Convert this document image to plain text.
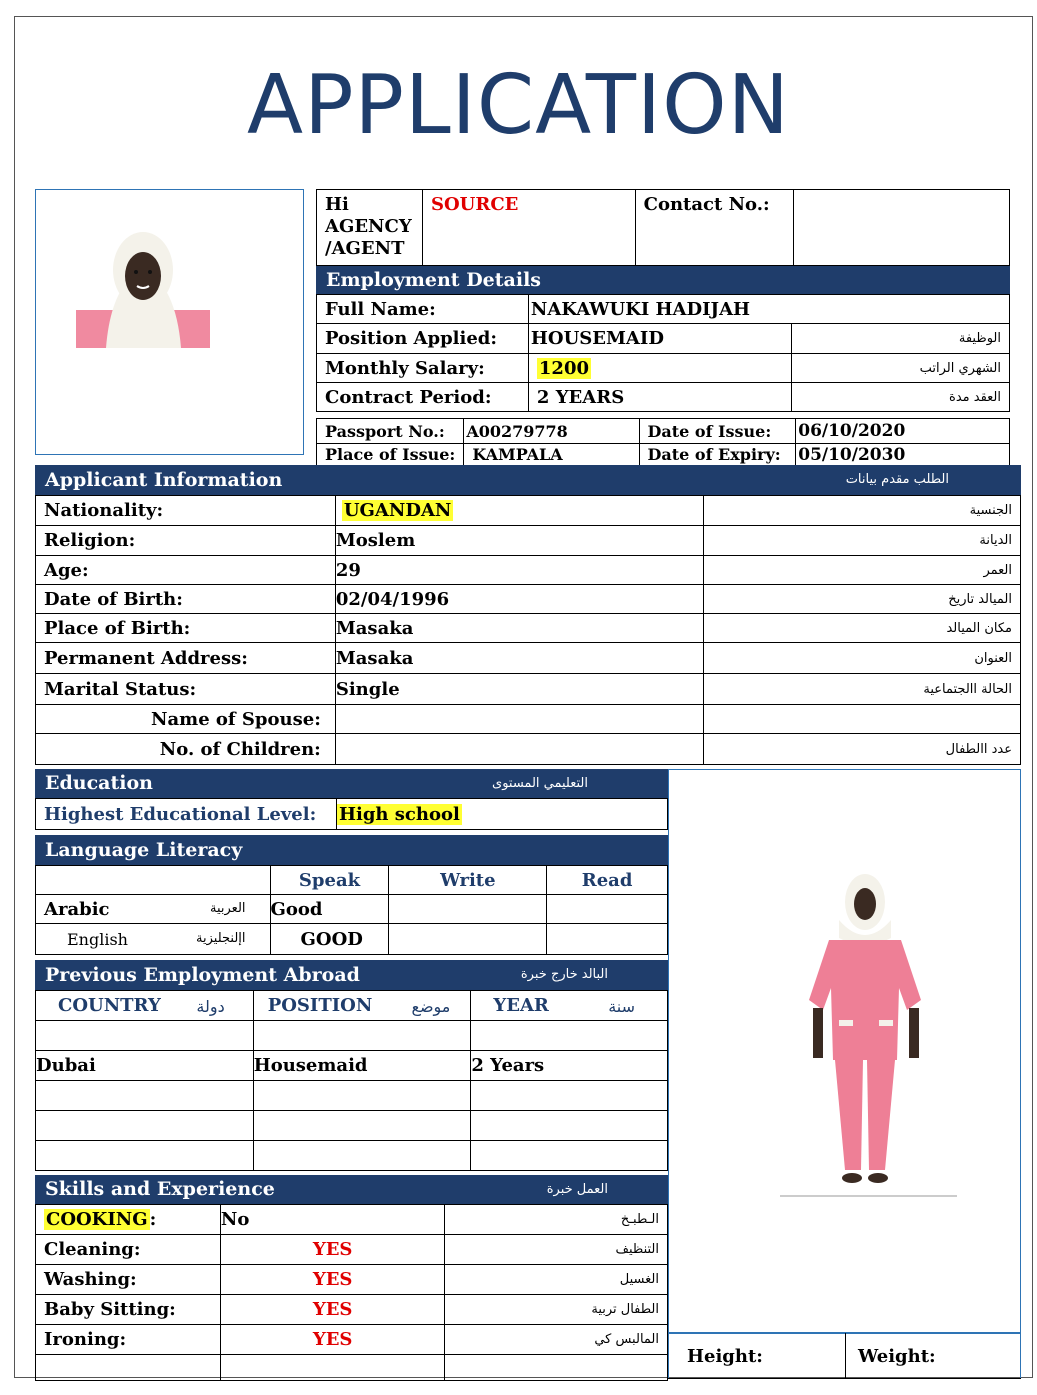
APPLICATION
Hi AGENCY /AGENT	SOURCE	Contact No.:	
Employment Details
Full Name:	NAKAWUKI HADIJAH	
Position Applied:	HOUSEMAID	الوظيفة
Monthly Salary:	1200	الشهري الراتب
Contract Period:	2 YEARS	العقد مدة
Passport No.:	A00279778	Date of Issue:	06/10/2020
Place of Issue:	KAMPALA	Date of Expiry:	05/10/2030
Applicant Information	الطلب مقدم بيانات
Nationality:	UGANDAN	الجنسية
Religion:	Moslem	الديانة
Age:	29	العمر
Date of Birth:	02/04/1996	الميالد تاريخ
Place of Birth:	Masaka	مكان الميالد
Permanent Address:	Masaka	العنوان
Marital Status:	Single	الحالة االجتماعية
Name of Spouse:		
No. of Children:		عدد االطفال
Education	التعليمي المستوى
Highest Educational Level:	High school
Language Literacy
	Speak	Write	Read
Arabic العربية	Good		
English اإلنجليزية	GOOD		
Previous Employment Abroad	البالد خارج خبرة
COUNTRY دولة	POSITION موضع	YEAR سنة

Dubai	Housemaid	2 Years

Skills and Experience	العمل خبرة
COOKING :	No	الـطبـخ
Cleaning:	YES	التنظيف
Washing:	YES	الغسيل
Baby Sitting:	YES	الطفال تربية
Ironing:	YES	المالبس كي

Height:	Weight:
